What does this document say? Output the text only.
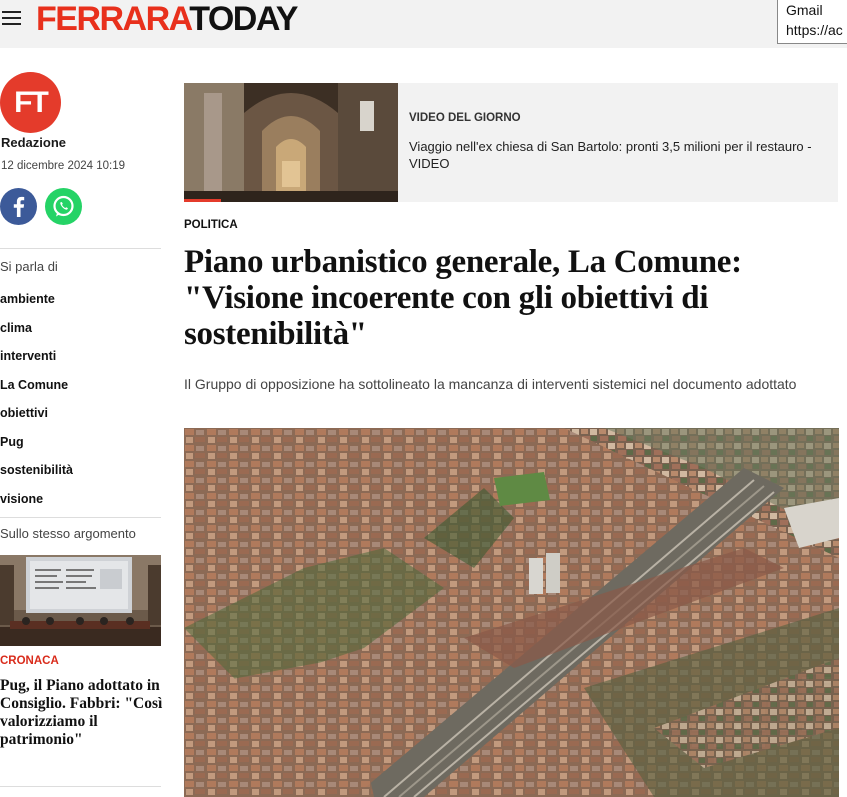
FERRARATODAY	Gmail
https://ac
FT
Redazione
12 dicembre 2024 10:19
Si parla di
ambiente
clima
interventi
La Comune
obiettivi
Pug
sostenibilità
visione
Sullo stesso argomento
CRONACA
Pug, il Piano adottato in Consiglio. Fabbri: "Così valorizziamo il patrimonio"
VIDEO DEL GIORNO
Viaggio nell'ex chiesa di San Bartolo: pronti 3,5 milioni per il restauro - VIDEO
POLITICA
Piano urbanistico generale, La Comune: "Visione incoerente con gli obiettivi di sostenibilità"

Il Gruppo di opposizione ha sottolineato la mancanza di interventi sistemici nel documento adottato
